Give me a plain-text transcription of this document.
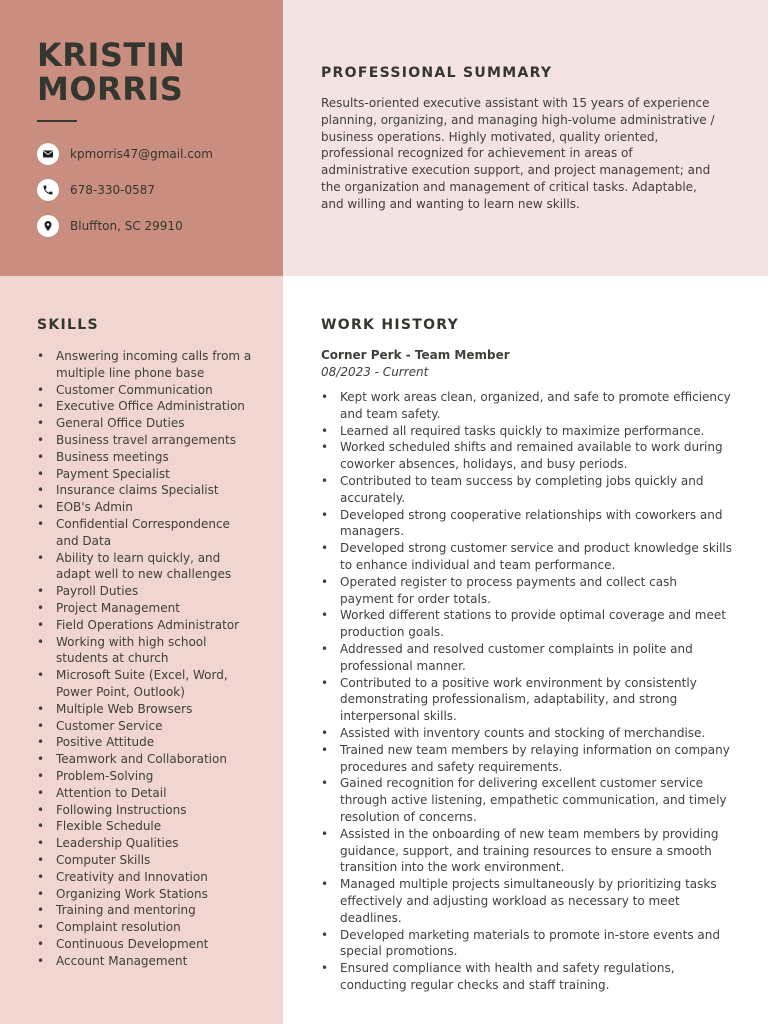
KRISTIN MORRIS
kpmorris47@gmail.com
678-330-0587
Bluffton, SC 29910
PROFESSIONAL SUMMARY

Results-oriented executive assistant with 15 years of experience planning, organizing, and managing high-volume administrative / business operations. Highly motivated, quality oriented, professional recognized for achievement in areas of administrative execution support, and project management; and the organization and management of critical tasks. Adaptable, and willing and wanting to learn new skills.

SKILLS
• Answering incoming calls from a multiple line phone base
• Customer Communication
• Executive Office Administration
• General Office Duties
• Business travel arrangements
• Business meetings
• Payment Specialist
• Insurance claims Specialist
• EOB's Admin
• Confidential Correspondence and Data
• Ability to learn quickly, and adapt well to new challenges
• Payroll Duties
• Project Management
• Field Operations Administrator
• Working with high school students at church
• Microsoft Suite (Excel, Word, Power Point, Outlook)
• Multiple Web Browsers
• Customer Service
• Positive Attitude
• Teamwork and Collaboration
• Problem-Solving
• Attention to Detail
• Following Instructions
• Flexible Schedule
• Leadership Qualities
• Computer Skills
• Creativity and Innovation
• Organizing Work Stations
• Training and mentoring
• Complaint resolution
• Continuous Development
• Account Management
WORK HISTORY

Corner Perk - Team Member

08/2023 - Current

• Kept work areas clean, organized, and safe to promote efficiency and team safety.
• Learned all required tasks quickly to maximize performance.
• Worked scheduled shifts and remained available to work during coworker absences, holidays, and busy periods.
• Contributed to team success by completing jobs quickly and accurately.
• Developed strong cooperative relationships with coworkers and managers.
• Developed strong customer service and product knowledge skills to enhance individual and team performance.
• Operated register to process payments and collect cash payment for order totals.
• Worked different stations to provide optimal coverage and meet production goals.
• Addressed and resolved customer complaints in polite and professional manner.
• Contributed to a positive work environment by consistently demonstrating professionalism, adaptability, and strong interpersonal skills.
• Assisted with inventory counts and stocking of merchandise.
• Trained new team members by relaying information on company procedures and safety requirements.
• Gained recognition for delivering excellent customer service through active listening, empathetic communication, and timely resolution of concerns.
• Assisted in the onboarding of new team members by providing guidance, support, and training resources to ensure a smooth transition into the work environment.
• Managed multiple projects simultaneously by prioritizing tasks effectively and adjusting workload as necessary to meet deadlines.
• Developed marketing materials to promote in-store events and special promotions.
• Ensured compliance with health and safety regulations, conducting regular checks and staff training.
